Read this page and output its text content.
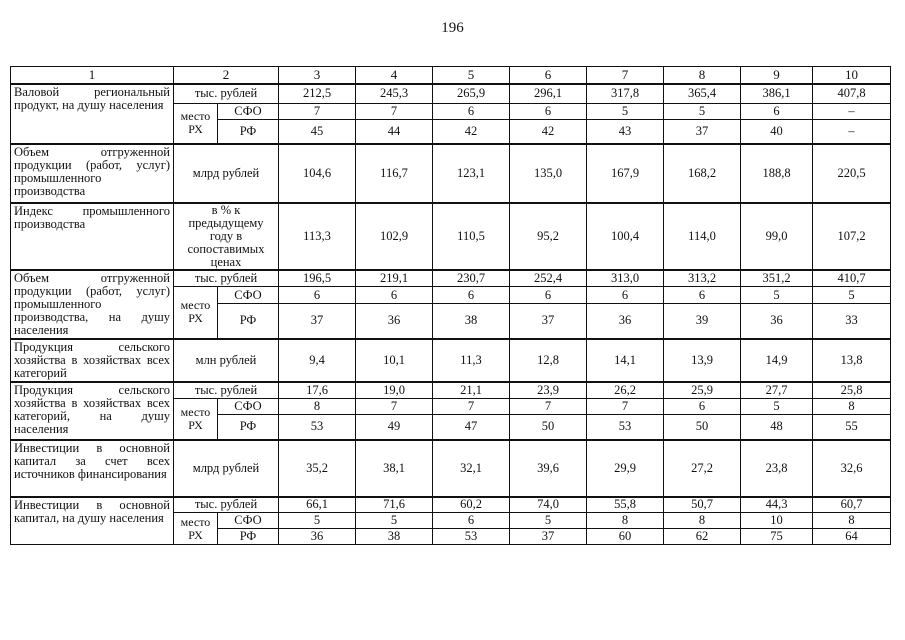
196
1	2		3	4	5	6	7	8	9	10
Валовой региональный продукт, на душу населения	тыс. рублей		212,5	245,3	265,9	296,1	317,8	365,4	386,1	407,8
	место РХ	СФО	7	7	6	6	5	5	6	–
		РФ	45	44	42	42	43	37	40	–
Объем отгруженной продукции (работ, услуг) промышленного производства	млрд рублей		104,6	116,7	123,1	135,0	167,9	168,2	188,8	220,5
Индекс промышленного производства	в % к предыдущему году в сопоставимых ценах		113,3	102,9	110,5	95,2	100,4	114,0	99,0	107,2
Объем отгруженной продукции (работ, услуг) промышленного производства, на душу населения	тыс. рублей		196,5	219,1	230,7	252,4	313,0	313,2	351,2	410,7
	место РХ	СФО	6	6	6	6	6	6	5	5
		РФ	37	36	38	37	36	39	36	33
Продукция сельского хозяйства в хозяйствах всех категорий	млн рублей		9,4	10,1	11,3	12,8	14,1	13,9	14,9	13,8
Продукция сельского хозяйства в хозяйствах всех категорий, на душу населения	тыс. рублей		17,6	19,0	21,1	23,9	26,2	25,9	27,7	25,8
	место РХ	СФО	8	7	7	7	7	6	5	8
		РФ	53	49	47	50	53	50	48	55
Инвестиции в основной капитал за счет всех источников финансирования	млрд рублей		35,2	38,1	32,1	39,6	29,9	27,2	23,8	32,6
Инвестиции в основной капитал, на душу населения	тыс. рублей		66,1	71,6	60,2	74,0	55,8	50,7	44,3	60,7
	место РХ	СФО	5	5	6	5	8	8	10	8
		РФ	36	38	53	37	60	62	75	64
